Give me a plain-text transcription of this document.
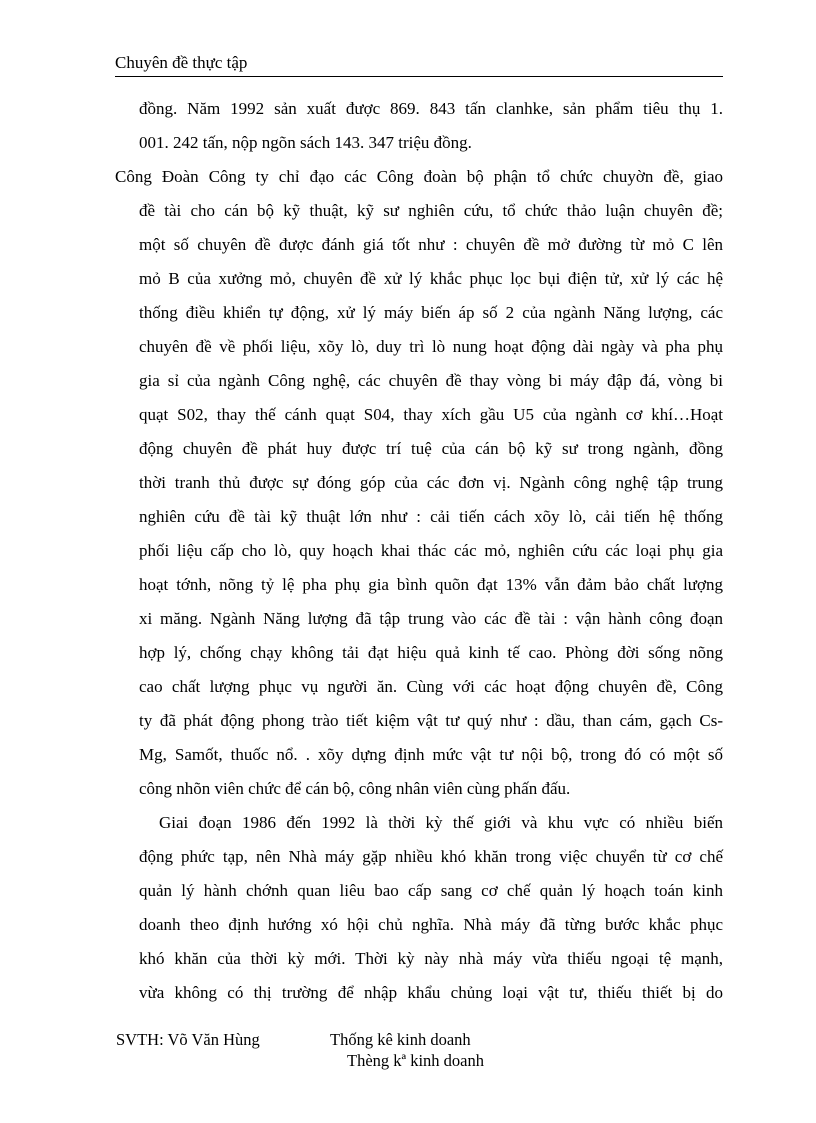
Chuyên đề thực tập
đồng. Năm 1992 sản xuất được 869. 843 tấn clanhke, sản phẩm tiêu thụ 1.
001. 242 tấn, nộp ngõn sách 143. 347 triệu đồng.
Công Đoàn Công ty chỉ đạo các Công đoàn bộ phận tổ chức chuyờn đề, giao
đề tài cho cán bộ kỹ thuật, kỹ sư nghiên cứu, tổ chức thảo luận chuyên đề;
một số chuyên đề được đánh giá tốt như : chuyên đề mở đường từ mỏ C lên
mỏ B của xưởng mỏ, chuyên đề xử lý khắc phục lọc bụi điện tử, xử lý các hệ
thống điều khiển tự động, xử lý máy biến áp số 2 của ngành Năng lượng, các
chuyên đề về phối liệu, xõy lò, duy trì lò nung hoạt động dài ngày và pha phụ
gia sỉ của ngành Công nghệ, các chuyên đề thay vòng bi máy đập đá, vòng bi
quạt S02, thay thế cánh quạt S04, thay xích gầu U5 của ngành cơ khí…Hoạt
động chuyên đề phát huy được trí tuệ của cán bộ kỹ sư trong ngành, đồng
thời tranh thủ được sự đóng góp của các đơn vị. Ngành công nghệ tập trung
nghiên cứu đề tài kỹ thuật lớn như : cải tiến cách xõy lò, cải tiến hệ thống
phối liệu cấp cho lò, quy hoạch khai thác các mỏ, nghiên cứu các loại phụ gia
hoạt tớnh, nõng tỷ lệ pha phụ gia bình quõn đạt 13% vẫn đảm bảo chất lượng
xi măng. Ngành Năng lượng đã tập trung vào các đề tài : vận hành công đoạn
hợp lý, chống chạy không tải đạt hiệu quả kinh tế cao. Phòng đời sống nõng
cao chất lượng phục vụ người ăn. Cùng với các hoạt động chuyên đề, Công
ty đã phát động phong trào tiết kiệm vật tư quý như : dầu, than cám, gạch Cs-
Mg, Samốt, thuốc nổ. . xõy dựng định mức vật tư nội bộ, trong đó có một số
công nhõn viên chức để cán bộ, công nhân viên cùng phấn đấu.
Giai đoạn 1986 đến 1992 là thời kỳ thế giới và khu vực có nhiều biến
động phức tạp, nên Nhà máy gặp nhiều khó khăn trong việc chuyển từ cơ chế
quản lý hành chớnh quan liêu bao cấp sang cơ chế quản lý hoạch toán kinh
doanh theo định hướng xó hội chủ nghĩa. Nhà máy đã từng bước khắc phục
khó khăn của thời kỳ mới. Thời kỳ này nhà máy vừa thiếu ngoại tệ mạnh,
vừa không có thị trường để nhập khẩu chủng loại vật tư, thiếu thiết bị do
SVTH: Võ Văn Hùng	Thống kê kinh doanh
Thèng kª kinh doanh
